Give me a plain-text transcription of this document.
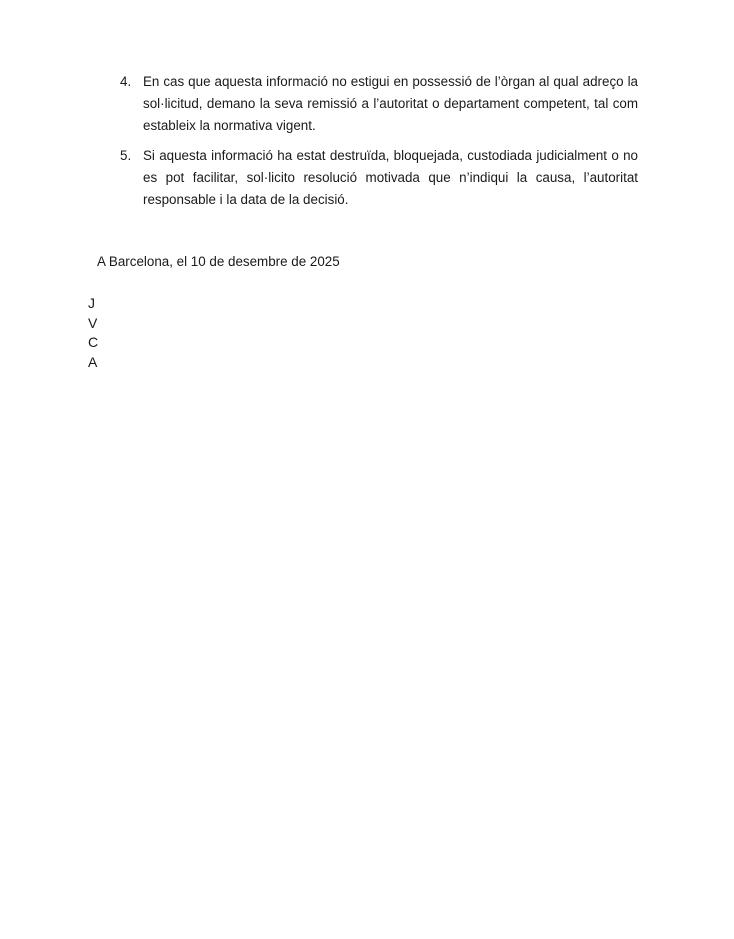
4. En cas que aquesta informació no estigui en possessió de l’òrgan al qual adreço la sol·licitud, demano la seva remissió a l’autoritat o departament competent, tal com estableix la normativa vigent.
5. Si aquesta informació ha estat destruïda, bloquejada, custodiada judicialment o no es pot facilitar, sol·licito resolució motivada que n’indiqui la causa, l’autoritat responsable i la data de la decisió.
A Barcelona, el 10 de desembre de 2025
J
V
C
A
